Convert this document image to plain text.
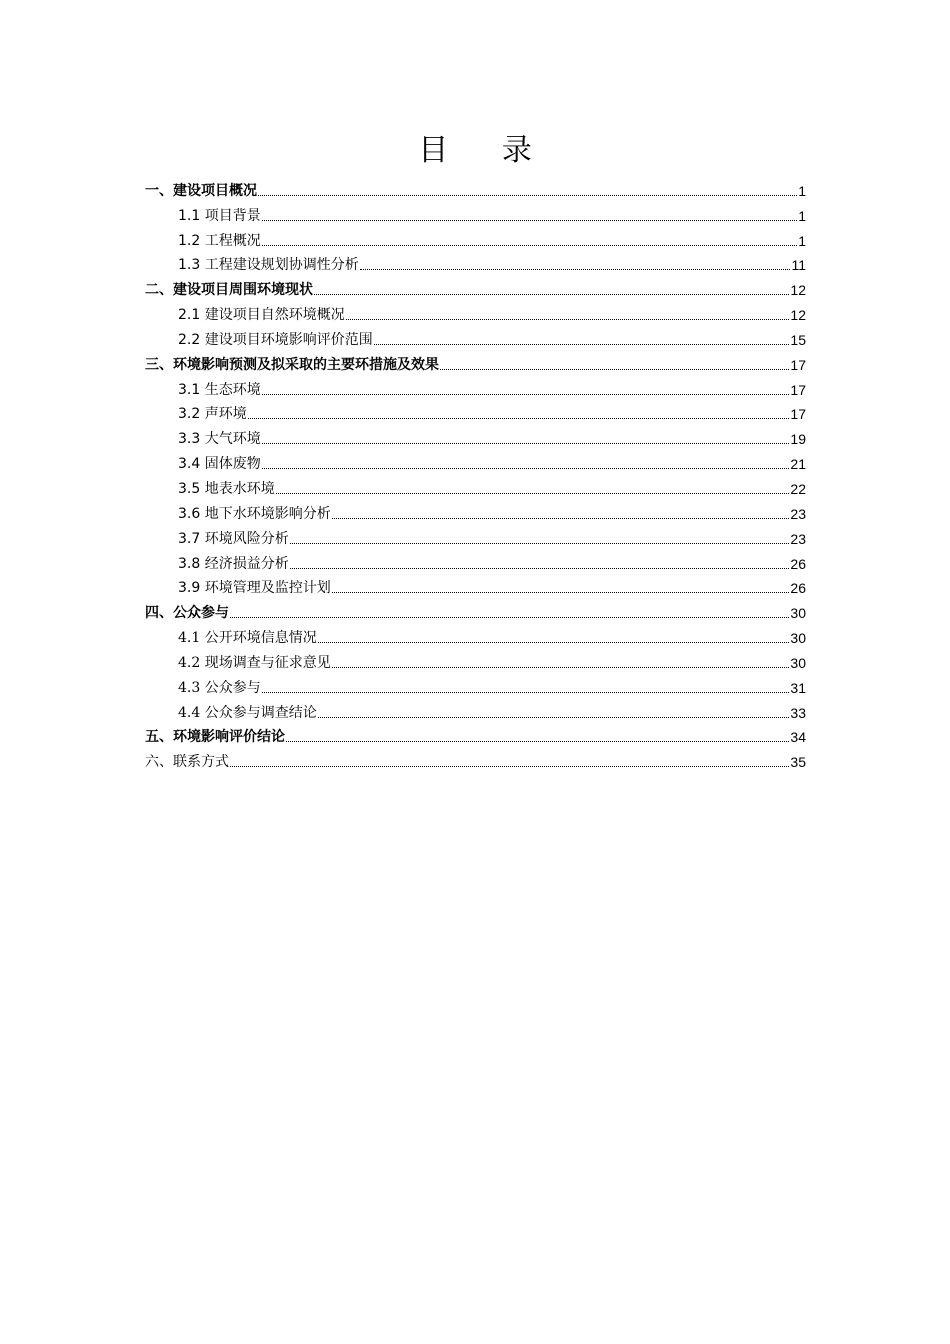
目 录
一、建设项目概况	1
1.1 项目背景	1
1.2 工程概况	1
1.3 工程建设规划协调性分析	11
二、建设项目周围环境现状	12
2.1 建设项目自然环境概况	12
2.2 建设项目环境影响评价范围	15
三、环境影响预测及拟采取的主要环措施及效果	17
3.1 生态环境	17
3.2 声环境	17
3.3 大气环境	19
3.4 固体废物	21
3.5 地表水环境	22
3.6 地下水环境影响分析	23
3.7 环境风险分析	23
3.8 经济损益分析	26
3.9 环境管理及监控计划	26
四、公众参与	30
4.1 公开环境信息情况	30
4.2 现场调查与征求意见	30
4.3 公众参与	31
4.4 公众参与调查结论	33
五、环境影响评价结论	34
六、联系方式	35
